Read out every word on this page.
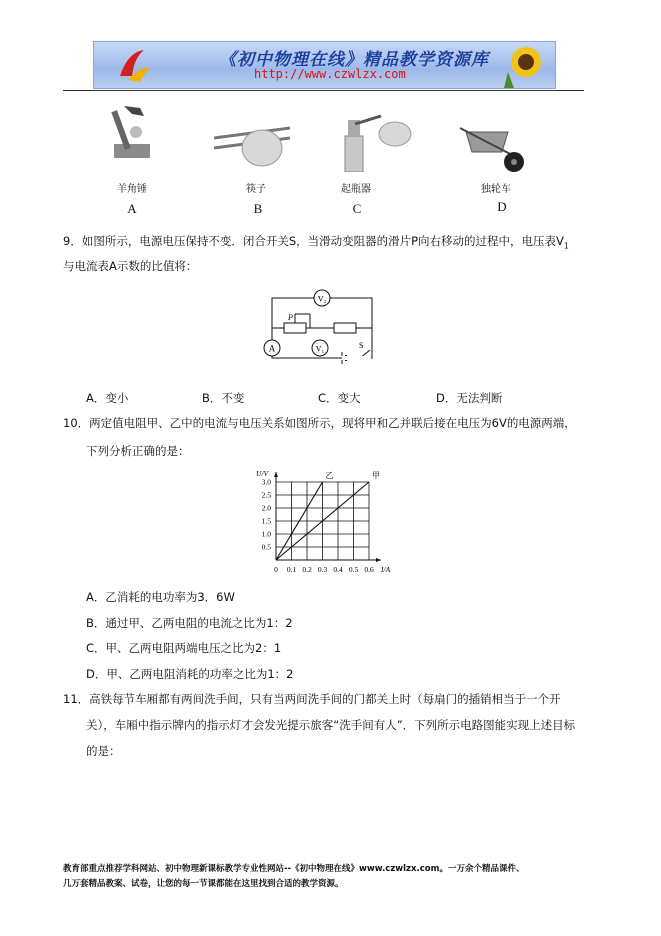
《初中物理在线》精品教学资源库
http://www.czwlzx.com
羊角锤	筷子	起瓶器	独轮车
A	B	C	D
9．如图所示，电源电压保持不变．闭合开关S，当滑动变阻器的滑片P向右移动的过程中，电压表$V_1$
与电流表A示数的比值将：
V₂
A	V₁
P
S
A．变小	B．不变	C．变大	D．无法判断
10．两定值电阻甲、乙中的电流与电压关系如图所示，现将甲和乙并联后接在电压为6V的电源两端，
下列分析正确的是：
0 0.1 0.2 0.3 0.4 0.5 0.6
0.5
1.0
1.5
2.0
2.5
3.0
U/V
I/A
乙	甲
A．乙消耗的电功率为3．6W
B．通过甲、乙两电阻的电流之比为1：2
C．甲、乙两电阻两端电压之比为2：1
D．甲、乙两电阻消耗的功率之比为1：2
11．高铁每节车厢都有两间洗手间，只有当两间洗手间的门都关上时（每扇门的插销相当于一个开
关），车厢中指示牌内的指示灯才会发光提示旅客“洗手间有人”．下列所示电路图能实现上述目标
的是：
教育部重点推荐学科网站、初中物理新课标教学专业性网站--《初中物理在线》www.czwlzx.com。一万余个精品课件、
几万套精品教案、试卷，让您的每一节课都能在这里找到合适的教学资源。
